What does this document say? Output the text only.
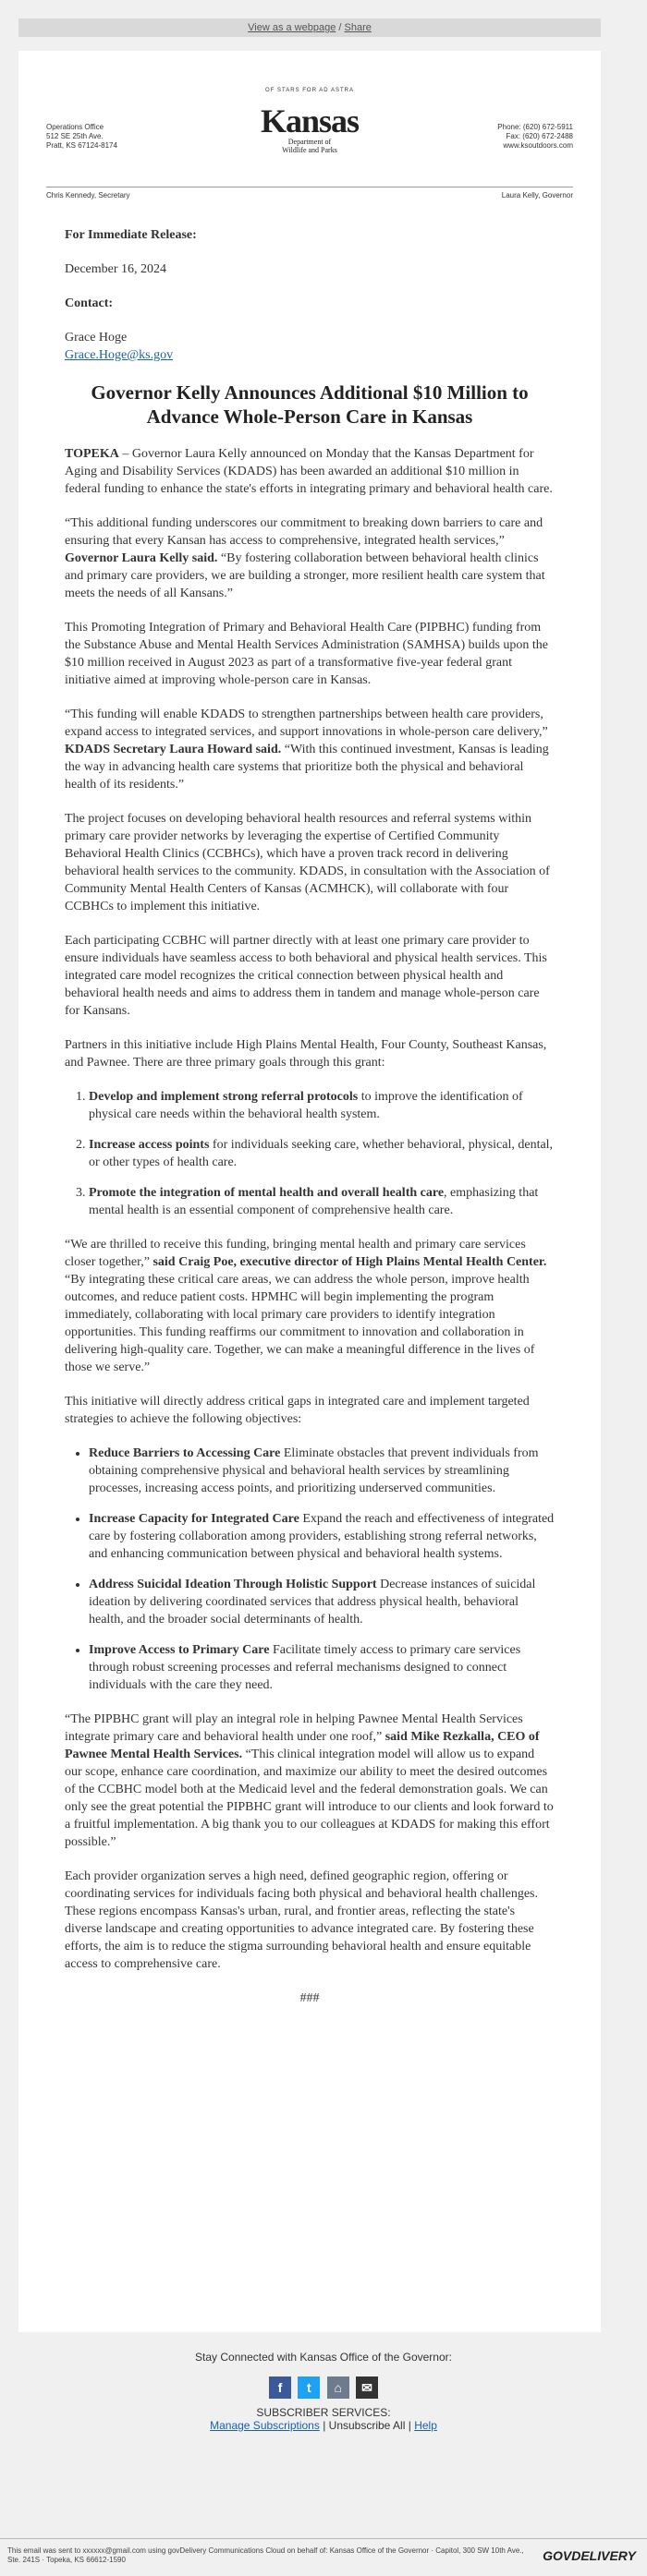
View as a webpage / Share
Operations Office
512 SE 25th Ave.
Pratt, KS 67124-8174
OF STARS FOR AD ASTRA
Kansas
Department of
Wildlife and Parks
Phone: (620) 672-5911
Fax: (620) 672-2488
www.ksoutdoors.com
Chris Kennedy, Secretary	Laura Kelly, Governor

For Immediate Release:

December 16, 2024

Contact:

Grace Hoge

Grace.Hoge@ks.gov

Governor Kelly Announces Additional $10 Million to Advance Whole-Person Care in Kansas

TOPEKA – Governor Laura Kelly announced on Monday that the Kansas Department for Aging and Disability Services (KDADS) has been awarded an additional $10 million in federal funding to enhance the state's efforts in integrating primary and behavioral health care.

“This additional funding underscores our commitment to breaking down barriers to care and ensuring that every Kansan has access to comprehensive, integrated health services,” Governor Laura Kelly said. “By fostering collaboration between behavioral health clinics and primary care providers, we are building a stronger, more resilient health care system that meets the needs of all Kansans.”

This Promoting Integration of Primary and Behavioral Health Care (PIPBHC) funding from the Substance Abuse and Mental Health Services Administration (SAMHSA) builds upon the $10 million received in August 2023 as part of a transformative five-year federal grant initiative aimed at improving whole-person care in Kansas.

“This funding will enable KDADS to strengthen partnerships between health care providers, expand access to integrated services, and support innovations in whole-person care delivery,” KDADS Secretary Laura Howard said. “With this continued investment, Kansas is leading the way in advancing health care systems that prioritize both the physical and behavioral health of its residents.”

The project focuses on developing behavioral health resources and referral systems within primary care provider networks by leveraging the expertise of Certified Community Behavioral Health Clinics (CCBHCs), which have a proven track record in delivering behavioral health services to the community. KDADS, in consultation with the Association of Community Mental Health Centers of Kansas (ACMHCK), will collaborate with four CCBHCs to implement this initiative.

Each participating CCBHC will partner directly with at least one primary care provider to ensure individuals have seamless access to both behavioral and physical health services. This integrated care model recognizes the critical connection between physical health and behavioral health needs and aims to address them in tandem and manage whole-person care for Kansans.

Partners in this initiative include High Plains Mental Health, Four County, Southeast Kansas, and Pawnee. There are three primary goals through this grant:

1. Develop and implement strong referral protocols to improve the identification of physical care needs within the behavioral health system.
2. Increase access points for individuals seeking care, whether behavioral, physical, dental, or other types of health care.
3. Promote the integration of mental health and overall health care, emphasizing that mental health is an essential component of comprehensive health care.

“We are thrilled to receive this funding, bringing mental health and primary care services closer together,” said Craig Poe, executive director of High Plains Mental Health Center. “By integrating these critical care areas, we can address the whole person, improve health outcomes, and reduce patient costs. HPMHC will begin implementing the program immediately, collaborating with local primary care providers to identify integration opportunities. This funding reaffirms our commitment to innovation and collaboration in delivering high-quality care. Together, we can make a meaningful difference in the lives of those we serve.”

This initiative will directly address critical gaps in integrated care and implement targeted strategies to achieve the following objectives:

• Reduce Barriers to Accessing Care Eliminate obstacles that prevent individuals from obtaining comprehensive physical and behavioral health services by streamlining processes, increasing access points, and prioritizing underserved communities.
• Increase Capacity for Integrated Care Expand the reach and effectiveness of integrated care by fostering collaboration among providers, establishing strong referral networks, and enhancing communication between physical and behavioral health systems.
• Address Suicidal Ideation Through Holistic Support Decrease instances of suicidal ideation by delivering coordinated services that address physical health, behavioral health, and the broader social determinants of health.
• Improve Access to Primary Care Facilitate timely access to primary care services through robust screening processes and referral mechanisms designed to connect individuals with the care they need.

“The PIPBHC grant will play an integral role in helping Pawnee Mental Health Services integrate primary care and behavioral health under one roof,” said Mike Rezkalla, CEO of Pawnee Mental Health Services. “This clinical integration model will allow us to expand our scope, enhance care coordination, and maximize our ability to meet the desired outcomes of the CCBHC model both at the Medicaid level and the federal demonstration goals. We can only see the great potential the PIPBHC grant will introduce to our clients and look forward to a fruitful implementation. A big thank you to our colleagues at KDADS for making this effort possible.”

Each provider organization serves a high need, defined geographic region, offering or coordinating services for individuals facing both physical and behavioral health challenges. These regions encompass Kansas's urban, rural, and frontier areas, reflecting the state's diverse landscape and creating opportunities to advance integrated care. By fostering these efforts, the aim is to reduce the stigma surrounding behavioral health and ensure equitable access to comprehensive care.

###
Stay Connected with Kansas Office of the Governor:
f t ⌂ ✉
SUBSCRIBER SERVICES:
Manage Subscriptions | Unsubscribe All | Help
This email was sent to xxxxxx@gmail.com using govDelivery Communications Cloud on behalf of: Kansas Office of the Governor · Capitol, 300 SW 10th Ave., Ste. 241S · Topeka, KS 66612-1590	GOVDELIVERY
